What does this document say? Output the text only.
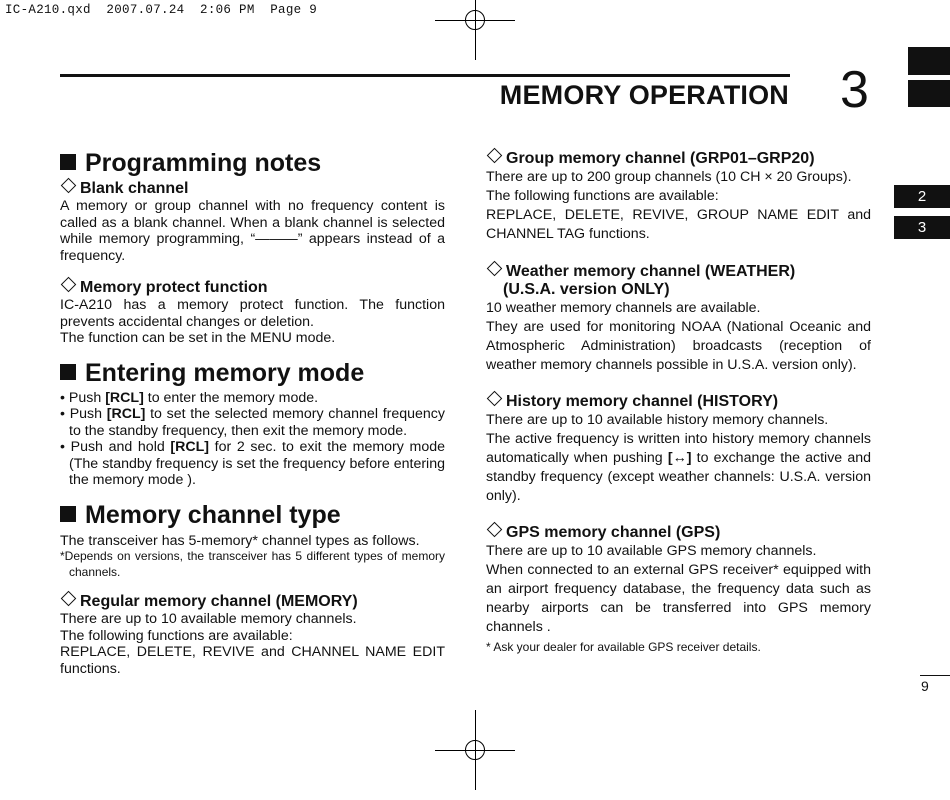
IC-A210.qxd  2007.07.24  2:06 PM  Page 9
MEMORY OPERATION 3
2
3
Programming notes
Blank channel

A memory or group channel with no frequency content is called as a blank channel. When a blank channel is selected while memory programming, “———” appears instead of a frequency.

Memory protect function

IC-A210 has a memory protect function. The function prevents accidental changes or deletion.

The function can be set in the MENU mode.

Entering memory mode

• Push [RCL] to enter the memory mode.

• Push [RCL] to set the selected memory channel frequency to the standby frequency, then exit the memory mode.

• Push and hold [RCL] for 2 sec. to exit the memory mode (The standby frequency is set the frequency before entering the memory mode ).

Memory channel type

The transceiver has 5-memory* channel types as follows.

*Depends on versions, the transceiver has 5 different types of memory channels.

Regular memory channel (MEMORY)

There are up to 10 available memory channels.

The following functions are available:

REPLACE, DELETE, REVIVE and CHANNEL NAME EDIT functions.

Group memory channel (GRP01–GRP20)

There are up to 200 group channels (10 CH × 20 Groups).

The following functions are available:

REPLACE, DELETE, REVIVE, GROUP NAME EDIT and CHANNEL TAG functions.

Weather memory channel (WEATHER)
(U.S.A. version ONLY)

10 weather memory channels are available.

They are used for monitoring NOAA (National Oceanic and Atmospheric Administration) broadcasts (reception of weather memory channels possible in U.S.A. version only).

History memory channel (HISTORY)

There are up to 10 available history memory channels.

The active frequency is written into history memory channels automatically when pushing [↔] to exchange the active and standby frequency (except weather channels: U.S.A. version only).

GPS memory channel (GPS)

There are up to 10 available GPS memory channels.

When connected to an external GPS receiver* equipped with an airport frequency database, the frequency data such as nearby airports can be transferred into GPS memory channels .

* Ask your dealer for available GPS receiver details.

9
